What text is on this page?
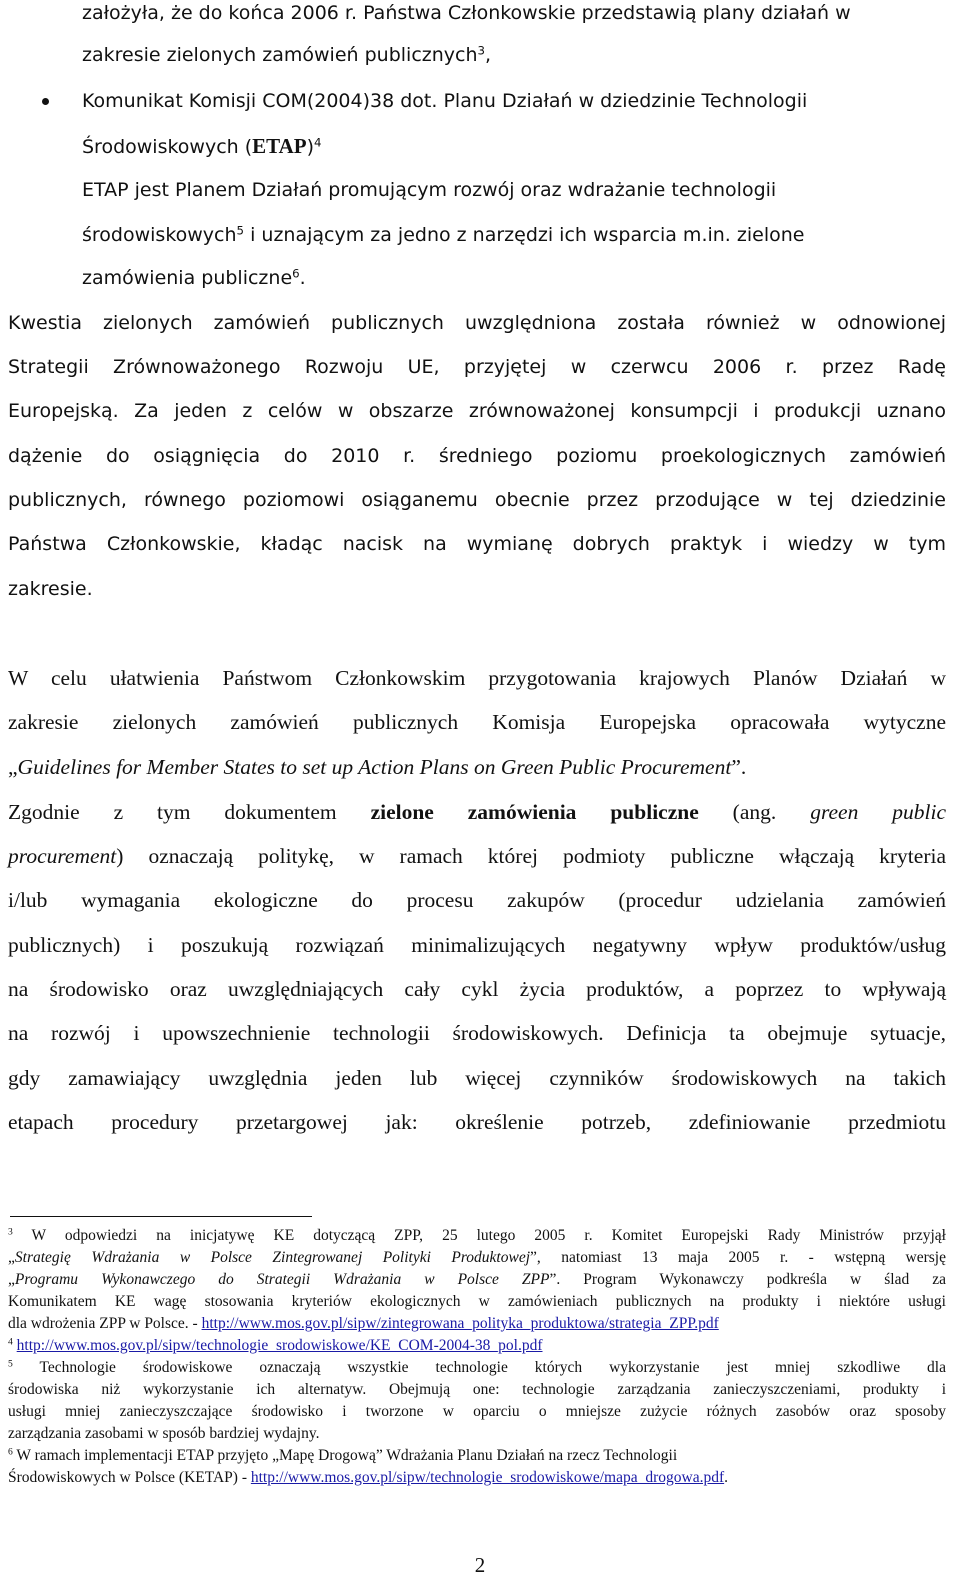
założyła, że do końca 2006 r. Państwa Członkowskie przedstawią plany działań w
zakresie zielonych zamówień publicznych$^3$,
Komunikat Komisji COM(2004)38 dot. Planu Działań w dziedzinie Technologii
Środowiskowych (ETAP)$^4$
ETAP jest Planem Działań promującym rozwój oraz wdrażanie technologii
środowiskowych$^5$ i uznającym za jedno z narzędzi ich wsparcia m.in. zielone
zamówienia publiczne$^6$.
Kwestia zielonych zamówień publicznych uwzględniona została również w odnowionej
Strategii Zrównoważonego Rozwoju UE, przyjętej w czerwcu 2006 r. przez Radę
Europejską. Za jeden z celów w obszarze zrównoważonej konsumpcji i produkcji uznano
dążenie do osiągnięcia do 2010 r. średniego poziomu proekologicznych zamówień
publicznych, równego poziomowi osiąganemu obecnie przez przodujące w tej dziedzinie
Państwa Członkowskie, kładąc nacisk na wymianę dobrych praktyk i wiedzy w tym
zakresie.
W celu ułatwienia Państwom Członkowskim przygotowania krajowych Planów Działań w
zakresie zielonych zamówień publicznych Komisja Europejska opracowała wytyczne
„Guidelines for Member States to set up Action Plans on Green Public Procurement”.
Zgodnie z tym dokumentem zielone zamówienia publiczne (ang. green public
procurement) oznaczają politykę, w ramach której podmioty publiczne włączają kryteria
i/lub wymagania ekologiczne do procesu zakupów (procedur udzielania zamówień
publicznych) i poszukują rozwiązań minimalizujących negatywny wpływ produktów/usług
na środowisko oraz uwzględniających cały cykl życia produktów, a poprzez to wpływają
na rozwój i upowszechnienie technologii środowiskowych. Definicja ta obejmuje sytuacje,
gdy zamawiający uwzględnia jeden lub więcej czynników środowiskowych na takich
etapach procedury przetargowej jak: określenie potrzeb, zdefiniowanie przedmiotu
$^3$ W odpowiedzi na inicjatywę KE dotyczącą ZPP, 25 lutego 2005 r. Komitet Europejski Rady Ministrów przyjął
„Strategię Wdrażania w Polsce Zintegrowanej Polityki Produktowej”, natomiast 13 maja 2005 r. - wstępną wersję
„Programu Wykonawczego do Strategii Wdrażania w Polsce ZPP”. Program Wykonawczy podkreśla w ślad za
Komunikatem KE wagę stosowania kryteriów ekologicznych w zamówieniach publicznych na produkty i niektóre usługi
dla wdrożenia ZPP w Polsce. - http://www.mos.gov.pl/sipw/zintegrowana_polityka_produktowa/strategia_ZPP.pdf
$^4$ http://www.mos.gov.pl/sipw/technologie_srodowiskowe/KE_COM-2004-38_pol.pdf
$^5$ Technologie środowiskowe oznaczają wszystkie technologie których wykorzystanie jest mniej szkodliwe dla
środowiska niż wykorzystanie ich alternatyw. Obejmują one: technologie zarządzania zanieczyszczeniami, produkty i
usługi mniej zanieczyszczające środowisko i tworzone w oparciu o mniejsze zużycie różnych zasobów oraz sposoby
zarządzania zasobami w sposób bardziej wydajny.
$^6$ W ramach implementacji ETAP przyjęto „Mapę Drogową” Wdrażania Planu Działań na rzecz Technologii
Środowiskowych w Polsce (KETAP) - http://www.mos.gov.pl/sipw/technologie_srodowiskowe/mapa_drogowa.pdf.
2
